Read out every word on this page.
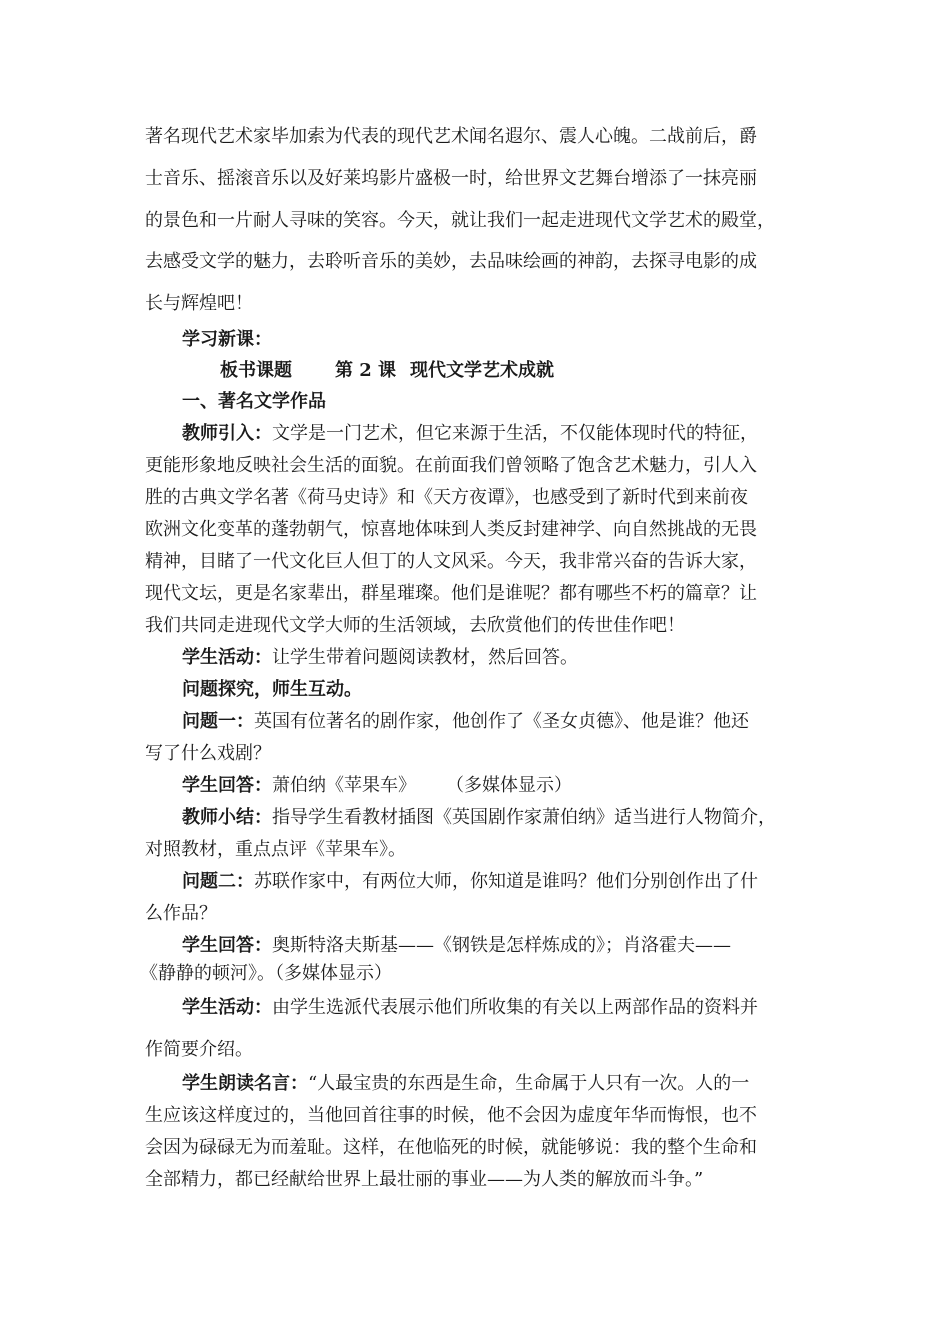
著名现代艺术家毕加索为代表的现代艺术闻名遐尔、震人心魄。二战前后，爵
士音乐、摇滚音乐以及好莱坞影片盛极一时，给世界文艺舞台增添了一抹亮丽
的景色和一片耐人寻味的笑容。今天，就让我们一起走进现代文学艺术的殿堂，
去感受文学的魅力，去聆听音乐的美妙，去品味绘画的神韵，去探寻电影的成
长与辉煌吧！
学习新课：
板书课题 第 2 课 现代文学艺术成就
一、著名文学作品
教师引入：文学是一门艺术，但它来源于生活，不仅能体现时代的特征，
更能形象地反映社会生活的面貌。在前面我们曾领略了饱含艺术魅力，引人入
胜的古典文学名著《荷马史诗》和《天方夜谭》，也感受到了新时代到来前夜
欧洲文化变革的蓬勃朝气，惊喜地体味到人类反封建神学、向自然挑战的无畏
精神，目睹了一代文化巨人但丁的人文风采。今天，我非常兴奋的告诉大家，
现代文坛，更是名家辈出，群星璀璨。他们是谁呢？都有哪些不朽的篇章？让
我们共同走进现代文学大师的生活领域，去欣赏他们的传世佳作吧！
学生活动：让学生带着问题阅读教材，然后回答。
问题探究，师生互动。
问题一：英国有位著名的剧作家，他创作了《圣女贞德》、他是谁？他还
写了什么戏剧？
学生回答：萧伯纳《苹果车》 （多媒体显示）
教师小结：指导学生看教材插图《英国剧作家萧伯纳》适当进行人物简介，
对照教材，重点点评《苹果车》。
问题二：苏联作家中，有两位大师，你知道是谁吗？他们分别创作出了什
么作品？
学生回答：奥斯特洛夫斯基——《钢铁是怎样炼成的》；肖洛霍夫——
《静静的顿河》。（多媒体显示）
学生活动：由学生选派代表展示他们所收集的有关以上两部作品的资料并
作简要介绍。
学生朗读名言：“人最宝贵的东西是生命，生命属于人只有一次。人的一
生应该这样度过的，当他回首往事的时候，他不会因为虚度年华而悔恨，也不
会因为碌碌无为而羞耻。这样，在他临死的时候，就能够说：我的整个生命和
全部精力，都已经献给世界上最壮丽的事业——为人类的解放而斗争。”
